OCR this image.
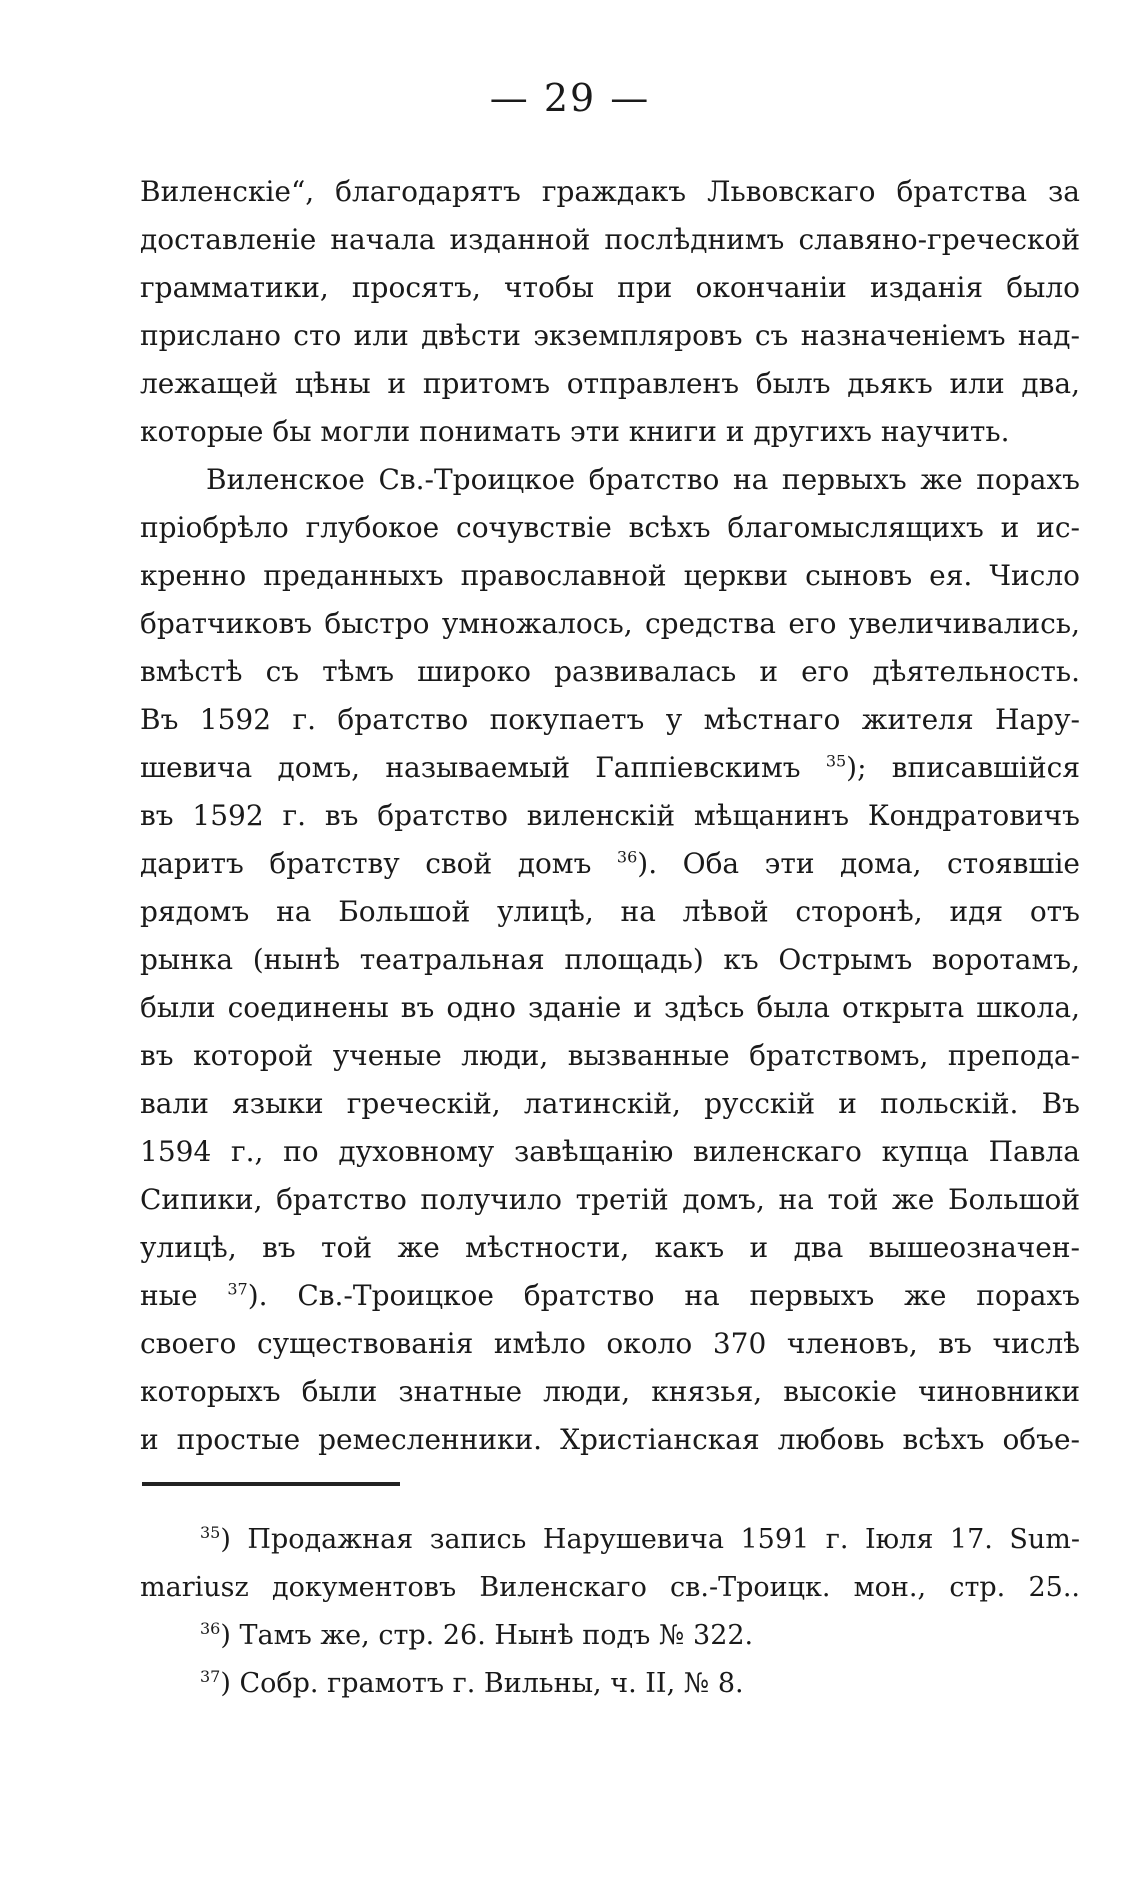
— 29 —
Виленскіе“, благодарятъ граждакъ Львовскаго братства за
доставленіе начала изданной послѣднимъ славяно-греческой
грамматики, просятъ, чтобы при окончаніи изданія было
прислано сто или двѣсти экземпляровъ съ назначеніемъ над-
лежащей цѣны и притомъ отправленъ былъ дьякъ или два,
которые бы могли понимать эти книги и другихъ научить.
Виленское Св.-Троицкое братство на первыхъ же порахъ
пріобрѣло глубокое сочувствіе всѣхъ благомыслящихъ и ис-
кренно преданныхъ православной церкви сыновъ ея. Число
братчиковъ быстро умножалось, средства его увеличивались,
вмѣстѣ съ тѣмъ широко развивалась и его дѣятельность.
Въ 1592 г. братство покупаетъ у мѣстнаго жителя Нару-
шевича домъ, называемый Гаппіевскимъ $^{35}$); вписавшійся
въ 1592 г. въ братство виленскій мѣщанинъ Кондратовичъ
даритъ братству свой домъ $^{36}$). Оба эти дома, стоявшіе
рядомъ на Большой улицѣ, на лѣвой сторонѣ, идя отъ
рынка (нынѣ театральная площадь) къ Острымъ воротамъ,
были соединены въ одно зданіе и здѣсь была открыта школа,
въ которой ученые люди, вызванные братствомъ, препода-
вали языки греческій, латинскій, русскій и польскій. Въ
1594 г., по духовному завѣщанію виленскаго купца Павла
Сипики, братство получило третій домъ, на той же Большой
улицѣ, въ той же мѣстности, какъ и два вышеозначен-
ные $^{37}$). Св.-Троицкое братство на первыхъ же порахъ
своего существованія имѣло около 370 членовъ, въ числѣ
которыхъ были знатные люди, князья, высокіе чиновники
и простые ремесленники. Христіанская любовь всѣхъ объе-
$^{35}$) Продажная запись Нарушевича 1591 г. Іюля 17. Sum-
mariusz документовъ Виленскаго св.-Троицк. мон., стр. 25..
$^{36}$) Тамъ же, стр. 26. Нынѣ подъ № 322.
$^{37}$) Собр. грамотъ г. Вильны, ч. II, № 8.
